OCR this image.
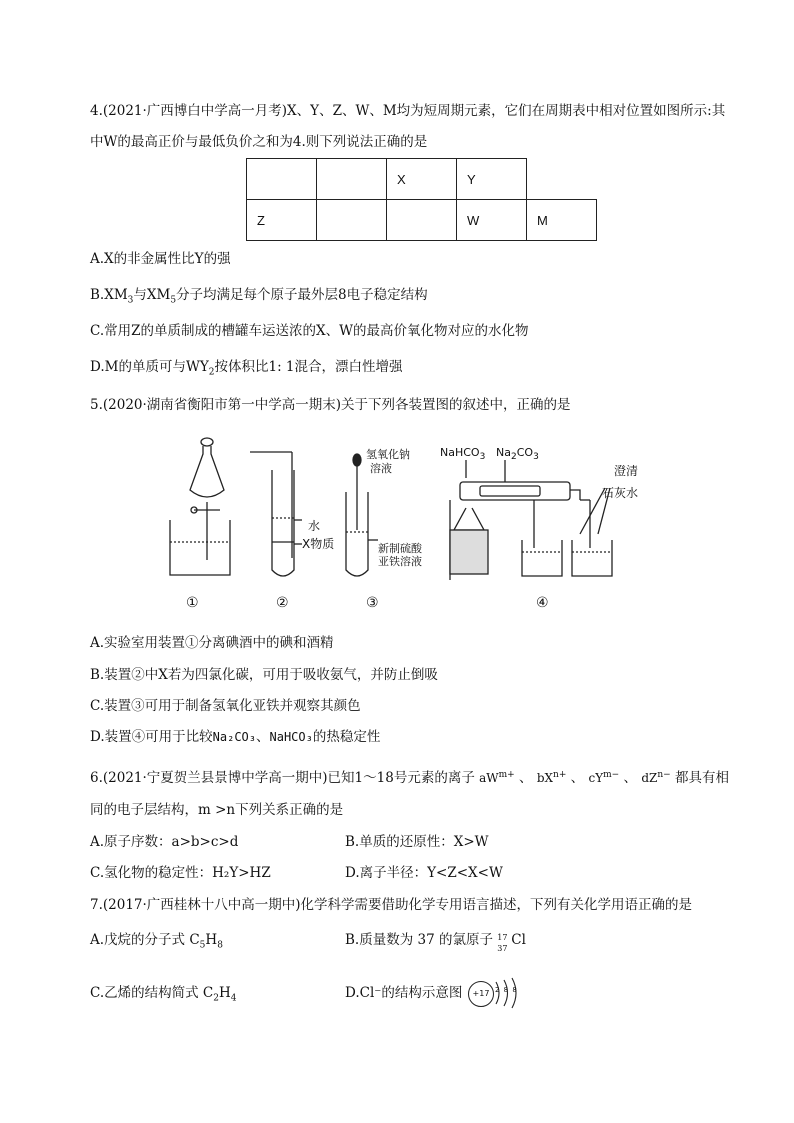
4.(2021·广西博白中学高一月考)X、Y、Z、W、M均为短周期元素，它们在周期表中相对位置如图所示:其
中W的最高正价与最低负价之和为4.则下列说法正确的是
		X	Y	
Z			W	M
A.X的非金属性比Y的强
$B.XM_3$与$XM_5$分子均满足每个原子最外层8电子稳定结构
C.常用Z的单质制成的槽罐车运送浓的X、W的最高价氧化物对应的水化物
D.M的单质可与$WY_2$按体积比1: 1混合，漂白性增强
5.(2020·湖南省衡阳市第一中学高一期末)关于下列各装置图的叙述中，正确的是
水
X物质
氢氧化钠
溶液
新制硫酸
亚铁溶液
NaHCO$_3$ $Na_2CO_3$
澄清
石灰水
①	②	③	④
A.实验室用装置①分离碘酒中的碘和酒精
B.装置②中X若为四氯化碳，可用于吸收氨气，并防止倒吸
C.装置③可用于制备氢氧化亚铁并观察其颜色
D.装置④可用于比较Na₂CO₃、NaHCO₃的热稳定性
6.(2021·宁夏贺兰县景博中学高一期中)已知1～18号元素的离子 $aW^{m+}$ 、 $bX^{n+}$ 、 $cY^{m-}$ 、 $dZ^{n-}$ 都具有相
同的电子层结构，m >n下列关系正确的是
A.原子序数：a>b>c>d	B.单质的还原性：X>W
C.氢化物的稳定性：H₂Y>HZ	D.离子半径：Y<Z<X<W
7.(2017·广西桂林十八中高一期中)化学科学需要借助化学专用语言描述，下列有关化学用语正确的是
A.戊烷的分子式 $C_5H_8$	B.质量数为 37 的氯原子 17
37 Cl
C.乙烯的结构简式 $C_2H_4$	D.Cl⁻的结构示意图	+17 2 8 8
